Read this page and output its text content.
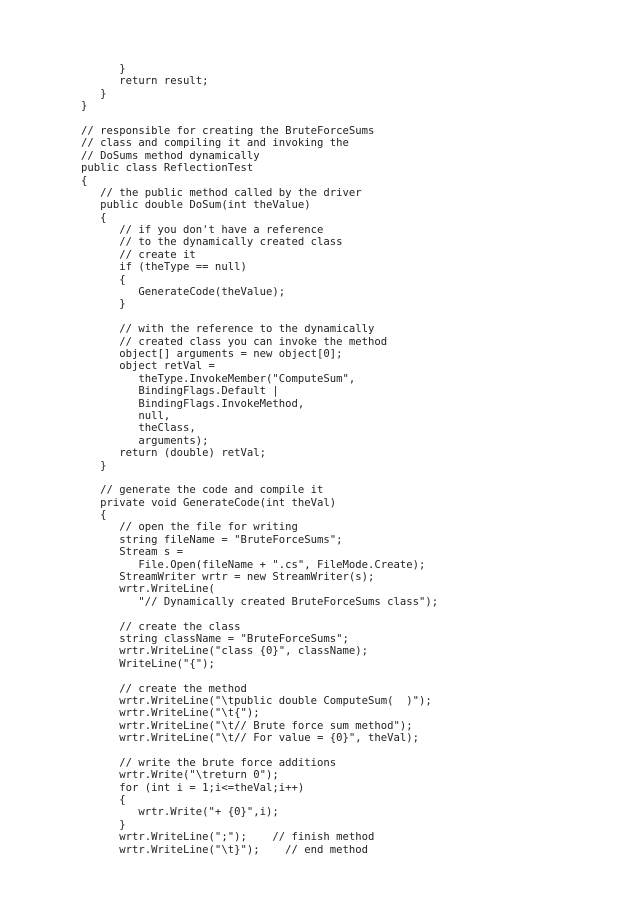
}
return result;
}
}
// responsible for creating the BruteForceSums
// class and compiling it and invoking the
// DoSums method dynamically
public class ReflectionTest
{
// the public method called by the driver
public double DoSum(int theValue)
{
// if you don't have a reference
// to the dynamically created class
// create it
if (theType == null)
{
GenerateCode(theValue);
}
// with the reference to the dynamically
// created class you can invoke the method
object[] arguments = new object[0];
object retVal =
theType.InvokeMember("ComputeSum",
BindingFlags.Default |
BindingFlags.InvokeMethod,
null,
theClass,
arguments);
return (double) retVal;
}
// generate the code and compile it
private void GenerateCode(int theVal)
{
// open the file for writing
string fileName = "BruteForceSums";
Stream s =
File.Open(fileName + ".cs", FileMode.Create);
StreamWriter wrtr = new StreamWriter(s);
wrtr.WriteLine(
"// Dynamically created BruteForceSums class");
// create the class
string className = "BruteForceSums";
wrtr.WriteLine("class {0}", className);
WriteLine("{");
// create the method
wrtr.WriteLine("\tpublic double ComputeSum(  )");
wrtr.WriteLine("\t{");
wrtr.WriteLine("\t// Brute force sum method");
wrtr.WriteLine("\t// For value = {0}", theVal);
// write the brute force additions
wrtr.Write("\treturn 0");
for (int i = 1;i<=theVal;i++)
{
wrtr.Write("+ {0}",i);
}
wrtr.WriteLine(";");    // finish method
wrtr.WriteLine("\t}");    // end method
